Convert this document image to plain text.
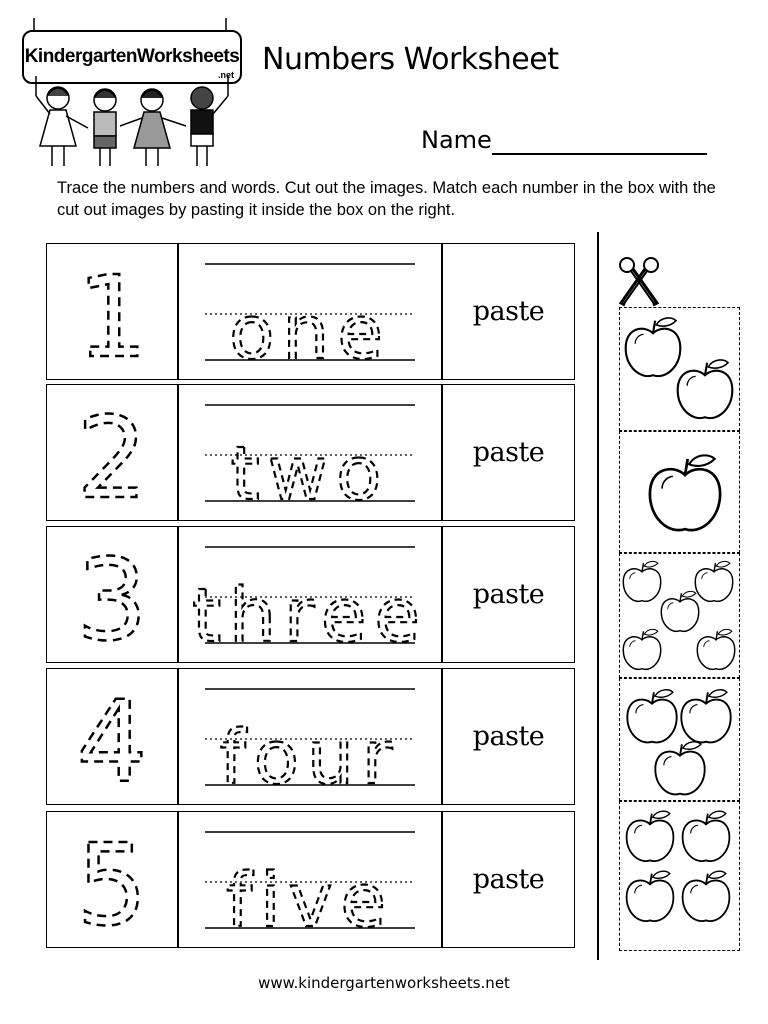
KindergartenWorksheets
.net Numbers Worksheet
Name
Trace the numbers and words. Cut out the images. Match each number in the box with the cut out images by pasting it inside the box on the right.
1 one	paste
2 two	paste
3 three paste
4 four	paste
5 five	paste
www.kindergartenworksheets.net
